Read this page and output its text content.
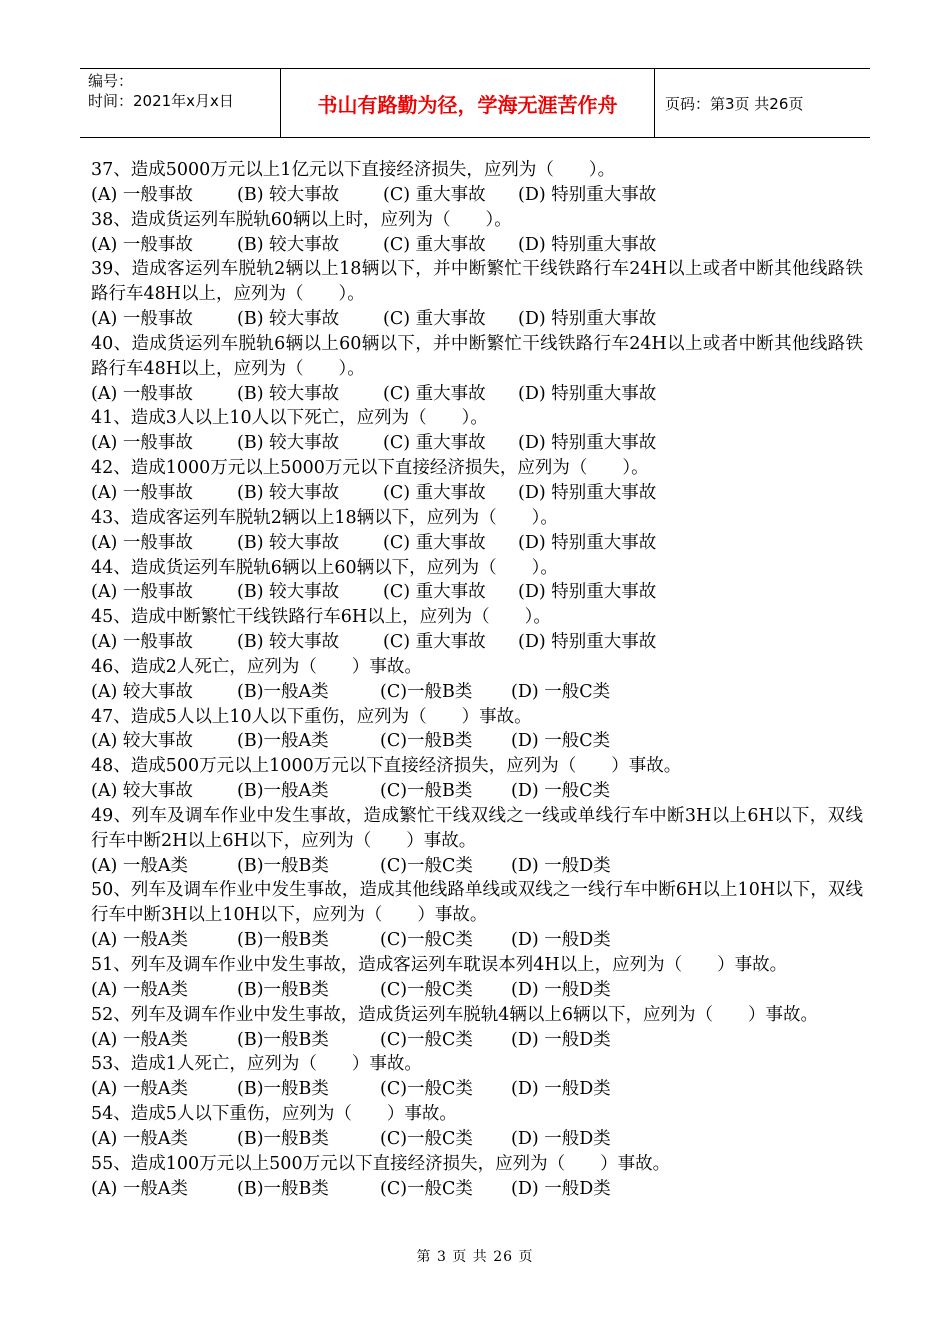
编号：
时间：2021年x月x日	书山有路勤为径，学海无涯苦作舟	页码：第3页 共26页
37、造成5000万元以上1亿元以下直接经济损失，应列为（　　）。
(A) 一般事故	(B) 较大事故	(C) 重大事故	(D) 特别重大事故
38、造成货运列车脱轨60辆以上时，应列为（　　）。
(A) 一般事故	(B) 较大事故	(C) 重大事故	(D) 特别重大事故
39、造成客运列车脱轨2辆以上18辆以下，并中断繁忙干线铁路行车24H以上或者中断其他线路铁路行车48H以上，应列为（　　）。
(A) 一般事故	(B) 较大事故	(C) 重大事故	(D) 特别重大事故
40、造成货运列车脱轨6辆以上60辆以下，并中断繁忙干线铁路行车24H以上或者中断其他线路铁路行车48H以上，应列为（　　）。
(A) 一般事故	(B) 较大事故	(C) 重大事故	(D) 特别重大事故
41、造成3人以上10人以下死亡，应列为（　　）。
(A) 一般事故	(B) 较大事故	(C) 重大事故	(D) 特别重大事故
42、造成1000万元以上5000万元以下直接经济损失，应列为（　　）。
(A) 一般事故	(B) 较大事故	(C) 重大事故	(D) 特别重大事故
43、造成客运列车脱轨2辆以上18辆以下，应列为（　　）。
(A) 一般事故	(B) 较大事故	(C) 重大事故	(D) 特别重大事故
44、造成货运列车脱轨6辆以上60辆以下，应列为（　　）。
(A) 一般事故	(B) 较大事故	(C) 重大事故	(D) 特别重大事故
45、造成中断繁忙干线铁路行车6H以上，应列为（　　）。
(A) 一般事故	(B) 较大事故	(C) 重大事故	(D) 特别重大事故
46、造成2人死亡，应列为（　　）事故。
(A) 较大事故	(B)一般A类	(C)一般B类	(D) 一般C类
47、造成5人以上10人以下重伤，应列为（　　）事故。
(A) 较大事故	(B)一般A类	(C)一般B类	(D) 一般C类
48、造成500万元以上1000万元以下直接经济损失，应列为（　　）事故。
(A) 较大事故	(B)一般A类	(C)一般B类	(D) 一般C类
49、列车及调车作业中发生事故，造成繁忙干线双线之一线或单线行车中断3H以上6H以下，双线行车中断2H以上6H以下，应列为（　　）事故。
(A) 一般A类	(B)一般B类	(C)一般C类	(D) 一般D类
50、列车及调车作业中发生事故，造成其他线路单线或双线之一线行车中断6H以上10H以下，双线行车中断3H以上10H以下，应列为（　　）事故。
(A) 一般A类	(B)一般B类	(C)一般C类	(D) 一般D类
51、列车及调车作业中发生事故，造成客运列车耽误本列4H以上，应列为（　　）事故。
(A) 一般A类	(B)一般B类	(C)一般C类	(D) 一般D类
52、列车及调车作业中发生事故，造成货运列车脱轨4辆以上6辆以下，应列为（　　）事故。
(A) 一般A类	(B)一般B类	(C)一般C类	(D) 一般D类
53、造成1人死亡，应列为（　　）事故。
(A) 一般A类	(B)一般B类	(C)一般C类	(D) 一般D类
54、造成5人以下重伤，应列为（　　）事故。
(A) 一般A类	(B)一般B类	(C)一般C类	(D) 一般D类
55、造成100万元以上500万元以下直接经济损失，应列为（　　）事故。
(A) 一般A类	(B)一般B类	(C)一般C类	(D) 一般D类
第 3 页 共 26 页
